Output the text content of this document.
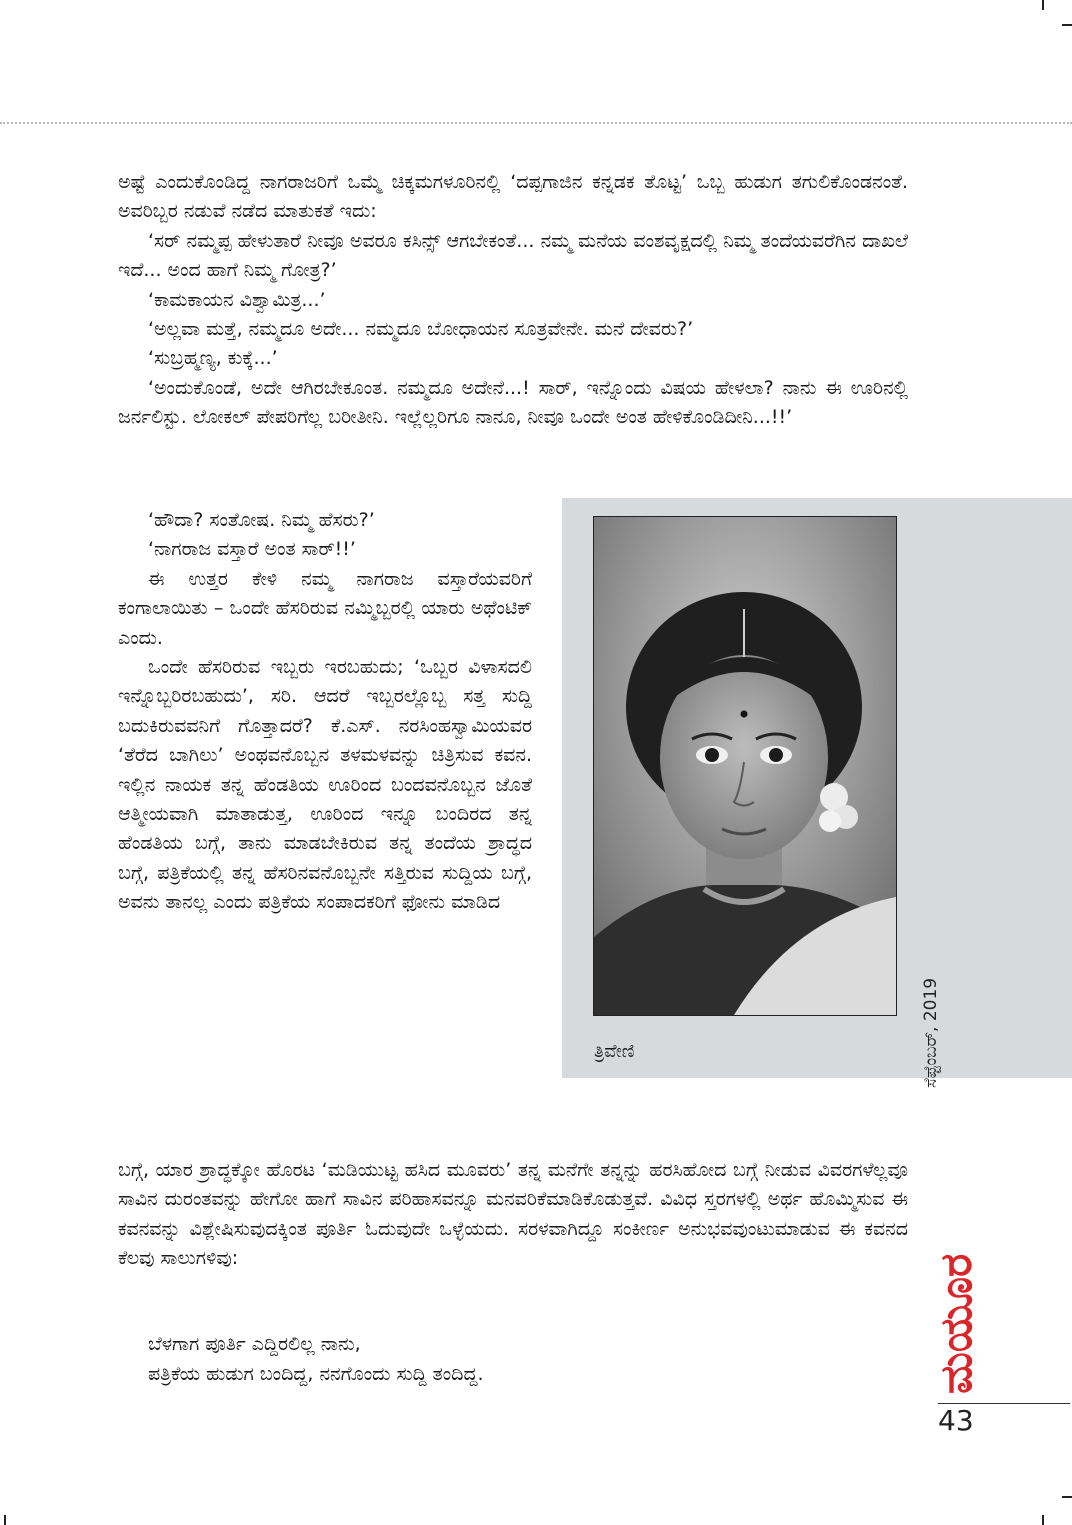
ಅಷ್ಟೆ ಎಂದುಕೊಂಡಿದ್ದ ನಾಗರಾಜರಿಗೆ ಒಮ್ಮೆ ಚಿಕ್ಕಮಗಳೂರಿನಲ್ಲಿ ‘ದಪ್ಪಗಾಜಿನ ಕನ್ನಡಕ ತೊಟ್ಟ’ ಒಬ್ಬ ಹುಡುಗ ತಗುಲಿಕೊಂಡನಂತೆ. ಅವರಿಬ್ಬರ ನಡುವೆ ನಡೆದ ಮಾತುಕತೆ ಇದು:

‘ಸರ್ ನಮ್ಮಪ್ಪ ಹೇಳುತಾರೆ ನೀವೂ ಅವರೂ ಕಸಿನ್ಸ್ ಆಗಬೇಕಂತೆ... ನಮ್ಮ ಮನೆಯ ವಂಶವೃಕ್ಷದಲ್ಲಿ ನಿಮ್ಮ ತಂದೆಯವರೆಗಿನ ದಾಖಲೆ ಇದೆ... ಅಂದ ಹಾಗೆ ನಿಮ್ಮ ಗೋತ್ರ?’

‘ಕಾಮಕಾಯನ ವಿಶ್ವಾಮಿತ್ರ...’

‘ಅಲ್ಲವಾ ಮತ್ತೆ, ನಮ್ಮದೂ ಅದೇ... ನಮ್ಮದೂ ಬೋಧಾಯನ ಸೂತ್ರವೇನೇ. ಮನೆ ದೇವರು?’

‘ಸುಬ್ರಹ್ಮಣ್ಯ, ಕುಕ್ಕೆ...’

‘ಅಂದುಕೊಂಡೆ, ಅದೇ ಆಗಿರಬೇಕೂಂತ. ನಮ್ಮದೂ ಅದೇನೆ...! ಸಾರ್, ಇನ್ನೊಂದು ವಿಷಯ ಹೇಳಲಾ? ನಾನು ಈ ಊರಿನಲ್ಲಿ ಜರ್ನಲಿಸ್ಟು. ಲೋಕಲ್ ಪೇಪರಿಗೆಲ್ಲ ಬರೀತೀನಿ. ಇಲ್ಲೆಲ್ಲರಿಗೂ ನಾನೂ, ನೀವೂ ಒಂದೇ ಅಂತ ಹೇಳಿಕೊಂಡಿದೀನಿ...!!’

‘ಹೌದಾ? ಸಂತೋಷ. ನಿಮ್ಮ ಹೆಸರು?’

‘ನಾಗರಾಜ ವಸ್ತಾರೆ ಅಂತ ಸಾರ್!!’

ಈ ಉತ್ತರ ಕೇಳಿ ನಮ್ಮ ನಾಗರಾಜ ವಸ್ತಾರೆಯವರಿಗೆ ಕಂಗಾಲಾಯಿತು – ಒಂದೇ ಹೆಸರಿರುವ ನಮ್ಮಿಬ್ಬರಲ್ಲಿ ಯಾರು ಅಥೆಂಟಿಕ್ ಎಂದು.

ಒಂದೇ ಹೆಸರಿರುವ ಇಬ್ಬರು ಇರಬಹುದು; ‘ಒಬ್ಬರ ವಿಳಾಸದಲಿ ಇನ್ನೊಬ್ಬರಿರಬಹುದು’, ಸರಿ. ಆದರೆ ಇಬ್ಬರಲ್ಲೊಬ್ಬ ಸತ್ತ ಸುದ್ದಿ ಬದುಕಿರುವವನಿಗೆ ಗೊತ್ತಾದರೆ? ಕೆ.ಎಸ್. ನರಸಿಂಹಸ್ವಾಮಿಯವರ ‘ತೆರೆದ ಬಾಗಿಲು’ ಅಂಥವನೊಬ್ಬನ ತಳಮಳವನ್ನು ಚಿತ್ರಿಸುವ ಕವನ. ಇಲ್ಲಿನ ನಾಯಕ ತನ್ನ ಹೆಂಡತಿಯ ಊರಿಂದ ಬಂದವನೊಬ್ಬನ ಜೊತೆ ಆತ್ಮೀಯವಾಗಿ ಮಾತಾಡುತ್ತ, ಊರಿಂದ ಇನ್ನೂ ಬಂದಿರದ ತನ್ನ ಹೆಂಡತಿಯ ಬಗ್ಗೆ, ತಾನು ಮಾಡಬೇಕಿರುವ ತನ್ನ ತಂದೆಯ ಶ್ರಾದ್ಧದ ಬಗ್ಗೆ, ಪತ್ರಿಕೆಯಲ್ಲಿ ತನ್ನ ಹೆಸರಿನವನೊಬ್ಬನೇ ಸತ್ತಿರುವ ಸುದ್ದಿಯ ಬಗ್ಗೆ, ಅವನು ತಾನಲ್ಲ ಎಂದು ಪತ್ರಿಕೆಯ ಸಂಪಾದಕರಿಗೆ ಫೋನು ಮಾಡಿದ

ತ್ರಿವೇಣಿ

ಬಗ್ಗೆ, ಯಾರ ಶ್ರಾದ್ಧಕ್ಕೋ ಹೊರಟ ‘ಮಡಿಯುಟ್ಟ ಹಸಿದ ಮೂವರು’ ತನ್ನ ಮನೆಗೇ ತನ್ನನ್ನು ಹರಸಿಹೋದ ಬಗ್ಗೆ ನೀಡುವ ವಿವರಗಳೆಲ್ಲವೂ ಸಾವಿನ ದುರಂತವನ್ನು ಹೇಗೋ ಹಾಗೆ ಸಾವಿನ ಪರಿಹಾಸವನ್ನೂ ಮನವರಿಕೆಮಾಡಿಕೊಡುತ್ತವೆ. ವಿವಿಧ ಸ್ತರಗಳಲ್ಲಿ ಅರ್ಥ ಹೊಮ್ಮಿಸುವ ಈ ಕವನವನ್ನು ವಿಶ್ಲೇಷಿಸುವುದಕ್ಕಿಂತ ಪೂರ್ತಿ ಓದುವುದೇ ಒಳ್ಳೆಯದು. ಸರಳವಾಗಿದ್ದೂ ಸಂಕೀರ್ಣ ಅನುಭವವುಂಟುಮಾಡುವ ಈ ಕವನದ ಕೆಲವು ಸಾಲುಗಳಿವು:

ಬೆಳಗಾಗ ಪೂರ್ತಿ ಎದ್ದಿರಲಿಲ್ಲ ನಾನು,
ಪತ್ರಿಕೆಯ ಹುಡುಗ ಬಂದಿದ್ದ, ನನಗೊಂದು ಸುದ್ದಿ ತಂದಿದ್ದ.
ಸೆಪ್ಟೆಂಬರ್, 2019
ಮಯೂರ
43
